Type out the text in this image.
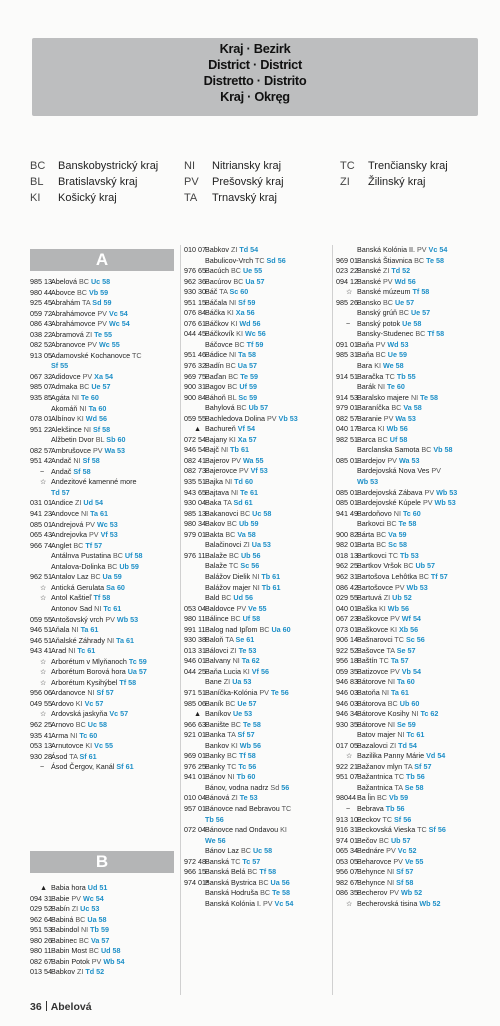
Kraj · Bezirk
District · District
Distretto · Distrito
Kraj · Okręg
BC Banskobystrický kraj
BL Bratislavský kraj
KI Košický kraj
NI Nitriansky kraj
PV Prešovský kraj
TA Trnavský kraj
TC Trenčiansky kraj
ZI Žilinský kraj
985 13Abelová BC Uc 58
980 44Abovce BC Vb 59
925 45Abrahám TA Sd 59
059 72Abrahámovce PV Vc 54
086 43Abrahámovce PV Wc 54
038 22Abramová ZI Te 55
082 52Abranovce PV Wc 55
913 05Adamovské Kochanovce TC
Sf 55
067 32Adidovce PV Xa 54
985 07Admaka BC Ue 57
935 85Agáta NI Te 60
Akomáň NI Ta 60
078 01Albínov KI Wd 56
951 22Alekšince NI Sf 58
Alžbetin Dvor BL Sb 60
082 57Ambrušovce PV Wa 53
951 42Andač NI Sf 58
~ Andač Sf 58
☆ Andezitové kamenné more
Td 57
031 01Andice ZI Ud 54
941 23Andovce NI Ta 61
085 01Andrejová PV Wc 53
065 43Andrejovka PV Vf 53
966 74Anglet BC Tf 57
Antálnva Pustatina BC Uf 58
Antalova-Dolinka BC Ub 59
962 51Antalov Laz BC Ua 59
☆ Antická Gerulata Sa 60
☆ Antol Kaštieľ Tf 58
Antonov Sad NI Tc 61
059 55Antošovský vrch PV Wb 53
946 51Aňala NI Ta 61
946 51Aňalské Záhrady NI Ta 61
943 41Arad NI Tc 61
☆ Arborétum v Mlyňanoch Tc 59
☆ Arborétum Borová hora Ua 57
☆ Arborétum Kysihýbel Tf 58
956 06Ardanovce NI Sf 57
049 55Ardovo KI Vc 57
☆ Ardovská jaskyňa Vc 57
962 25Arnovo BC Uc 58
935 41Arma NI Tc 60
053 13Arnutovce KI Vc 55
930 28Ásod TA Sf 61
~ Ásod Čergov, Kanál Sf 61
A
▲ Babia hora Ud 51
094 31Babie PV Wc 54
029 52Babín ZI Uc 53
962 64Babiná BC Ua 58
951 53Babindol NI Tb 59
980 26Babinec BC Va 57
980 11Babin Most BC Ud 58
082 67Babin Potok PV Wb 54
013 54Babkov ZI Td 52
B
010 07Babkov ZI Td 54
Babulicov-Vrch TC Sd 56
976 65Bacúch BC Ue 55
962 36Bacúrov BC Ua 57
930 30Báč TA Sc 60
951 15Báčala NI Sf 59
076 84Báčka KI Xa 56
076 61Báčkov KI Wd 56
044 45Báčkovík KI Wc 56
Báčovce BC Tf 59
951 46Bádice NI Ta 58
976 32Badín BC Ua 57
969 75Baďan BC Te 59
900 31Bagov BC Uf 59
900 84Báhoň BL Sc 59
Bahylová BC Ub 57
059 55Bachledova Dolina PV Vb 53
▲ Bachureň Vf 54
072 54Bajany KI Xa 57
946 54Bajč NI Tb 61
082 41Bajerov PV Wa 55
082 73Bajerovce PV Vf 53
935 51Bajka NI Td 60
943 65Bajtava NI Te 61
930 04Baka TA Sd 61
985 13Bakanovci BC Uc 58
980 34Bakov BC Ub 59
979 01Bakta BC Va 58
Balačinovci ZI Ua 53
976 11Balaže BC Ub 56
Balaže TC Sc 56
Balážov Dielik NI Tb 61
Balážov majer NI Tb 61
Bald BC Ud 56
053 04Baldovce PV Ve 55
980 11Bálince BC Uf 58
991 11Balog nad Ipľom BC Ua 60
930 38Baloň TA Se 61
013 31Bálovci ZI Te 53
946 01Balvany NI Ta 62
044 25Baňa Lucia KI Vf 56
Bane ZI Ua 53
971 51Baníčka-Kolónia PV Te 56
985 06Baník BC Ue 57
▲ Baníkov Ue 53
966 63Banište BC Te 58
921 01Banka TA Sf 57
Bankov KI Wb 56
969 01Banky BC Tf 58
976 25Banky TC Tc 56
941 01Bánov NI Tb 60
Bánov, vodna nadrz Sd 56
010 04Bánová ZI Te 53
957 01Bánovce nad Bebravou TC
Tb 56
072 04Bánovce nad Ondavou KI
We 56
Bánov Laz BC Uc 58
972 48Banská TC Tc 57
966 15Banská Belá BC Tf 58
974 01*Banská Bystrica BC Ua 56
Banská Hodruša BC Te 58
Banská Kolónia I. PV Vc 54
Banská Kolónia II. PV Vc 54
969 01Banská Štiavnica BC Te 58
023 22Banské ZI Td 52
094 12Banské PV Wd 56
☆ Banské múzeum Tf 58
985 26Bansko BC Ue 57
Banský grúň BC Ue 57
~ Banský potok Ue 58
Bansky-Studenec BC Tf 58
091 01Baňa PV Wd 53
985 31Baňa BC Ue 59
Bara KI We 58
914 51Baračka TC Tb 55
Barák NI Te 60
914 53Baralsko majere NI Te 58
979 01Baraníčka BC Va 58
082 57Baranie PV Wa 53
040 17Barca KI Wb 56
982 51Barca BC Uf 58
Barclanska Samota BC Vb 58
085 01Bardejov PV Wa 53
Bardejovská Nova Ves PV
Wb 53
085 01Bardejovská Zábava PV Wb 53
085 01Bardejovské Kúpele PV Wb 53
941 49Bardoňovo NI Tc 60
Barkovci BC Te 58
900 82Bárta BC Va 59
982 01Barta BC Sc 58
018 13Bartkovci TC Tb 53
962 25Bartkov Vršok BC Ub 57
962 31Bartošova Lehôtka BC Tf 57
086 42Bartošovce PV Wb 53
029 55Bartuvá ZI Ub 52
040 01Baška KI Wb 56
067 23Baškovce PV Wf 54
073 01Baškovce KI Xb 56
906 14Bašnarovci TC Sc 56
922 52Bašovce TA Se 57
956 18Baštín TC Ta 57
059 35Batizovce PV Vb 54
946 83Bátorove NI Ta 60
946 03Batoňa NI Ta 61
946 03Bátorova BC Ub 60
946 34Bátorove Kosihy NI Tc 62
930 35Bátorove NI Se 59
Batov majer NI Tc 61
017 05Bazalovci ZI Td 54
☆ Bazilika Panny Márie Vd 54
922 21Bažanov mlyn TA Sf 57
951 07Bažantnica TC Tb 56
Bažantnica TA Se 58
98044Ba ĺin BC Vb 59
~ Bebrava Tb 56
913 10Beckov TC Sf 56
916 31Beckovská Vieska TC Sf 56
974 01Bečov BC Ub 57
065 34Bednáre PV Vc 52
053 05Beharovce PV Ve 55
956 07Behynce NI Sf 57
982 67Behynce NI Sf 58
086 35Becherov PV Wb 52
☆ Becherovská tisina Wb 52
36 Abelová
